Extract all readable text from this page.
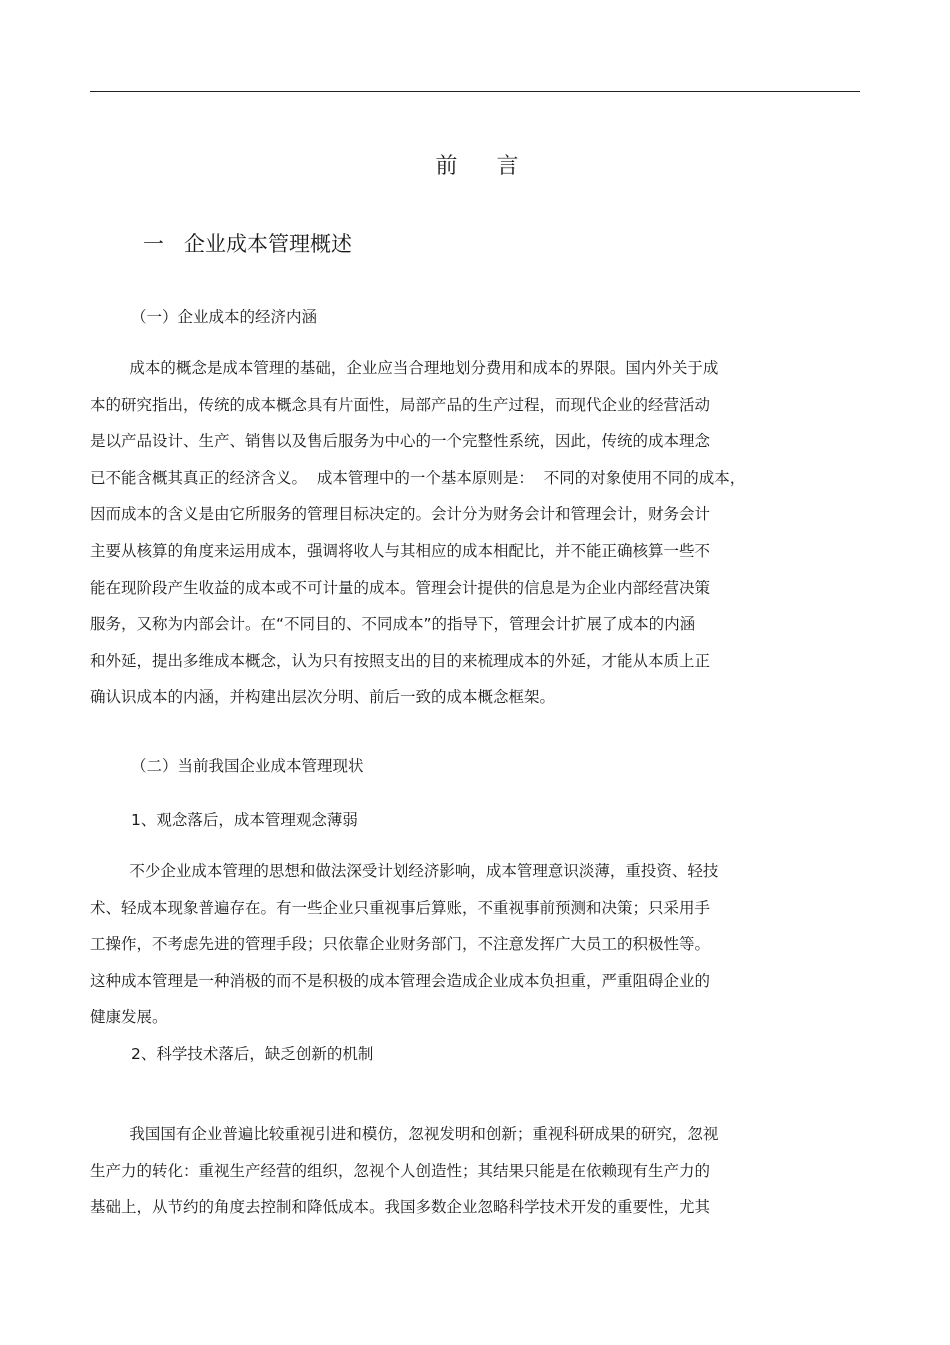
前 言
一   企业成本管理概述
（一）企业成本的经济内涵
成本的概念是成本管理的基础，企业应当合理地划分费用和成本的界限。国内外关于成
本的研究指出，传统的成本概念具有片面性，局部产品的生产过程，而现代企业的经营活动
是以产品设计、生产、销售以及售后服务为中心的一个完整性系统，因此，传统的成本理念
已不能含概其真正的经济含义。  成本管理中的一个基本原则是：  不同的对象使用不同的成本，
因而成本的含义是由它所服务的管理目标决定的。会计分为财务会计和管理会计，财务会计
主要从核算的角度来运用成本，强调将收人与其相应的成本相配比，并不能正确核算一些不
能在现阶段产生收益的成本或不可计量的成本。管理会计提供的信息是为企业内部经营决策
服务，又称为内部会计。在“不同目的、不同成本”的指导下，管理会计扩展了成本的内涵
和外延，提出多维成本概念，认为只有按照支出的目的来梳理成本的外延，才能从本质上正
确认识成本的内涵，并构建出层次分明、前后一致的成本概念框架。
（二）当前我国企业成本管理现状
1、观念落后，成本管理观念薄弱
不少企业成本管理的思想和做法深受计划经济影响，成本管理意识淡薄，重投资、轻技
术、轻成本现象普遍存在。有一些企业只重视事后算账，不重视事前预测和决策；只采用手
工操作，不考虑先进的管理手段；只依靠企业财务部门，不注意发挥广大员工的积极性等。
这种成本管理是一种消极的而不是积极的成本管理会造成企业成本负担重，严重阻碍企业的
健康发展。
2、科学技术落后，缺乏创新的机制
我国国有企业普遍比较重视引进和模仿，忽视发明和创新；重视科研成果的研究，忽视
生产力的转化：重视生产经营的组织，忽视个人创造性；其结果只能是在依赖现有生产力的
基础上，从节约的角度去控制和降低成本。我国多数企业忽略科学技术开发的重要性，尤其
